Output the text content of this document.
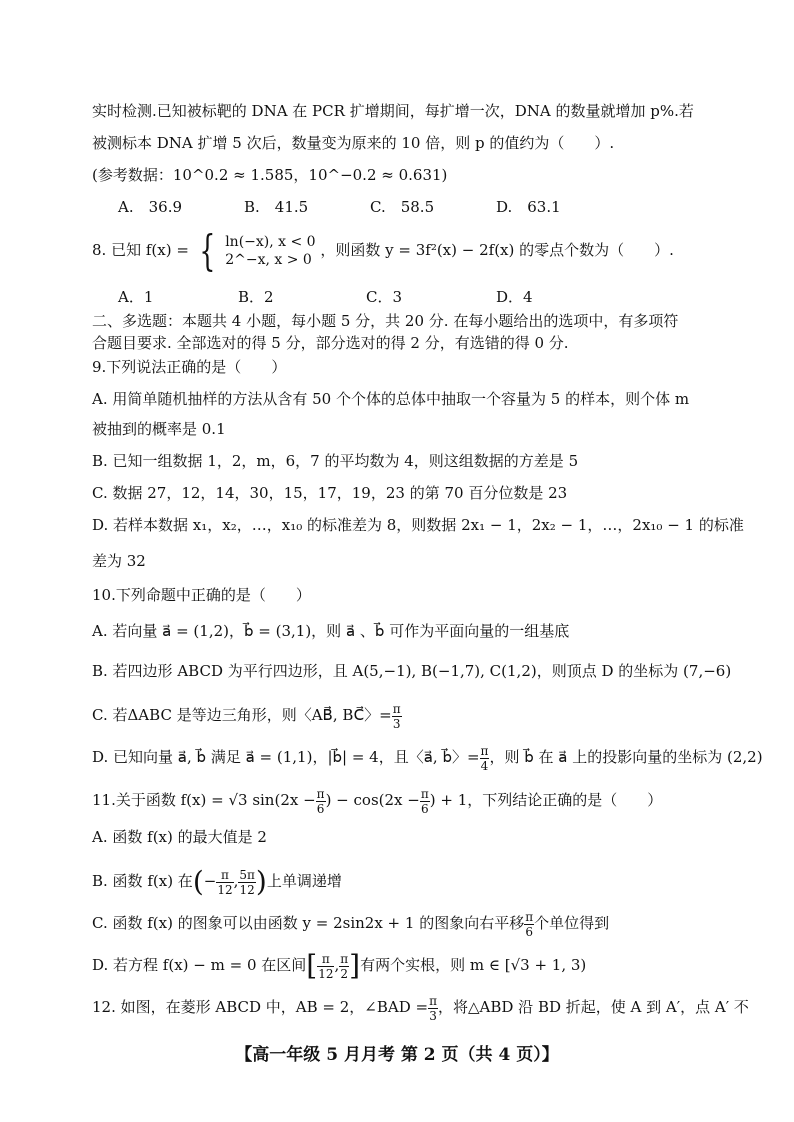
实时检测.已知被标靶的 DNA 在 PCR 扩增期间，每扩增一次，DNA 的数量就增加 p%.若
被测标本 DNA 扩增 5 次后，数量变为原来的 10 倍，则 p 的值约为（　　）.
(参考数据：10^0.2 ≈ 1.585，10^−0.2 ≈ 0.631)
A.　36.9	B.　41.5	C.　58.5	D.　63.1
8. 已知 f(x) = { ln(−x), x < 0
2^−x, x > 0
，则函数 y = 3f²(x) − 2f(x) 的零点个数为（　　）.
A．1	B．2	C．3	D．4
二、多选题：本题共 4 小题，每小题 5 分，共 20 分. 在每小题给出的选项中，有多项符
合题目要求. 全部选对的得 5 分，部分选对的得 2 分，有选错的得 0 分.
9.下列说法正确的是（　　）
A. 用简单随机抽样的方法从含有 50 个个体的总体中抽取一个容量为 5 的样本，则个体 m
被抽到的概率是 0.1
B. 已知一组数据 1，2，m，6，7 的平均数为 4，则这组数据的方差是 5
C. 数据 27，12，14，30，15，17，19，23 的第 70 百分位数是 23
D. 若样本数据 x₁，x₂，…，x₁₀ 的标准差为 8，则数据 2x₁ − 1，2x₂ − 1，…，2x₁₀ − 1 的标准
差为 32
10.下列命题中正确的是（　　）
A. 若向量 a⃗ = (1,2)，b⃗ = (3,1)，则 a⃗ 、b⃗ 可作为平面向量的一组基底
B. 若四边形 ABCD 为平行四边形，且 A(5,−1), B(−1,7), C(1,2)，则顶点 D 的坐标为 (7,−6)
C. 若ΔABC 是等边三角形，则〈AB⃗, BC⃗〉= $\frac{\pi}{3}$
D. 已知向量 a⃗, b⃗ 满足 a⃗ = (1,1)，|b⃗| = 4，且〈a⃗, b⃗〉= $\frac{\pi}{4}$ ，则 b⃗ 在 a⃗ 上的投影向量的坐标为 (2,2)
11.关于函数 f(x) = √3 $\sin(2x - \frac{\pi}{6}$ ) − $\cos(2x - \frac{\pi}{6}$ ) + 1，下列结论正确的是（　　）
A. 函数 f(x) 的最大值是 2
B. 函数 f(x) 在(− $\frac{\pi}{12}$ , $\frac{5\pi}{12}$ )上单调递增
C. 函数 f(x) 的图象可以由函数 y = 2sin2x + 1 的图象向右平移 $\frac{\pi}{6}$ 个单位得到
D. 若方程 f(x) − m = 0 在区间[ $\frac{\pi}{12}$ , $\frac{\pi}{2}$ ]有两个实根，则 m ∈ [√3 + 1, 3)
12. 如图，在菱形 ABCD 中，AB = 2，∠BAD = $\frac{\pi}{3}$ ，将△ABD 沿 BD 折起，使 A 到 A′，点 A′ 不
【高一年级 5 月月考 第 2 页（共 4 页）】
